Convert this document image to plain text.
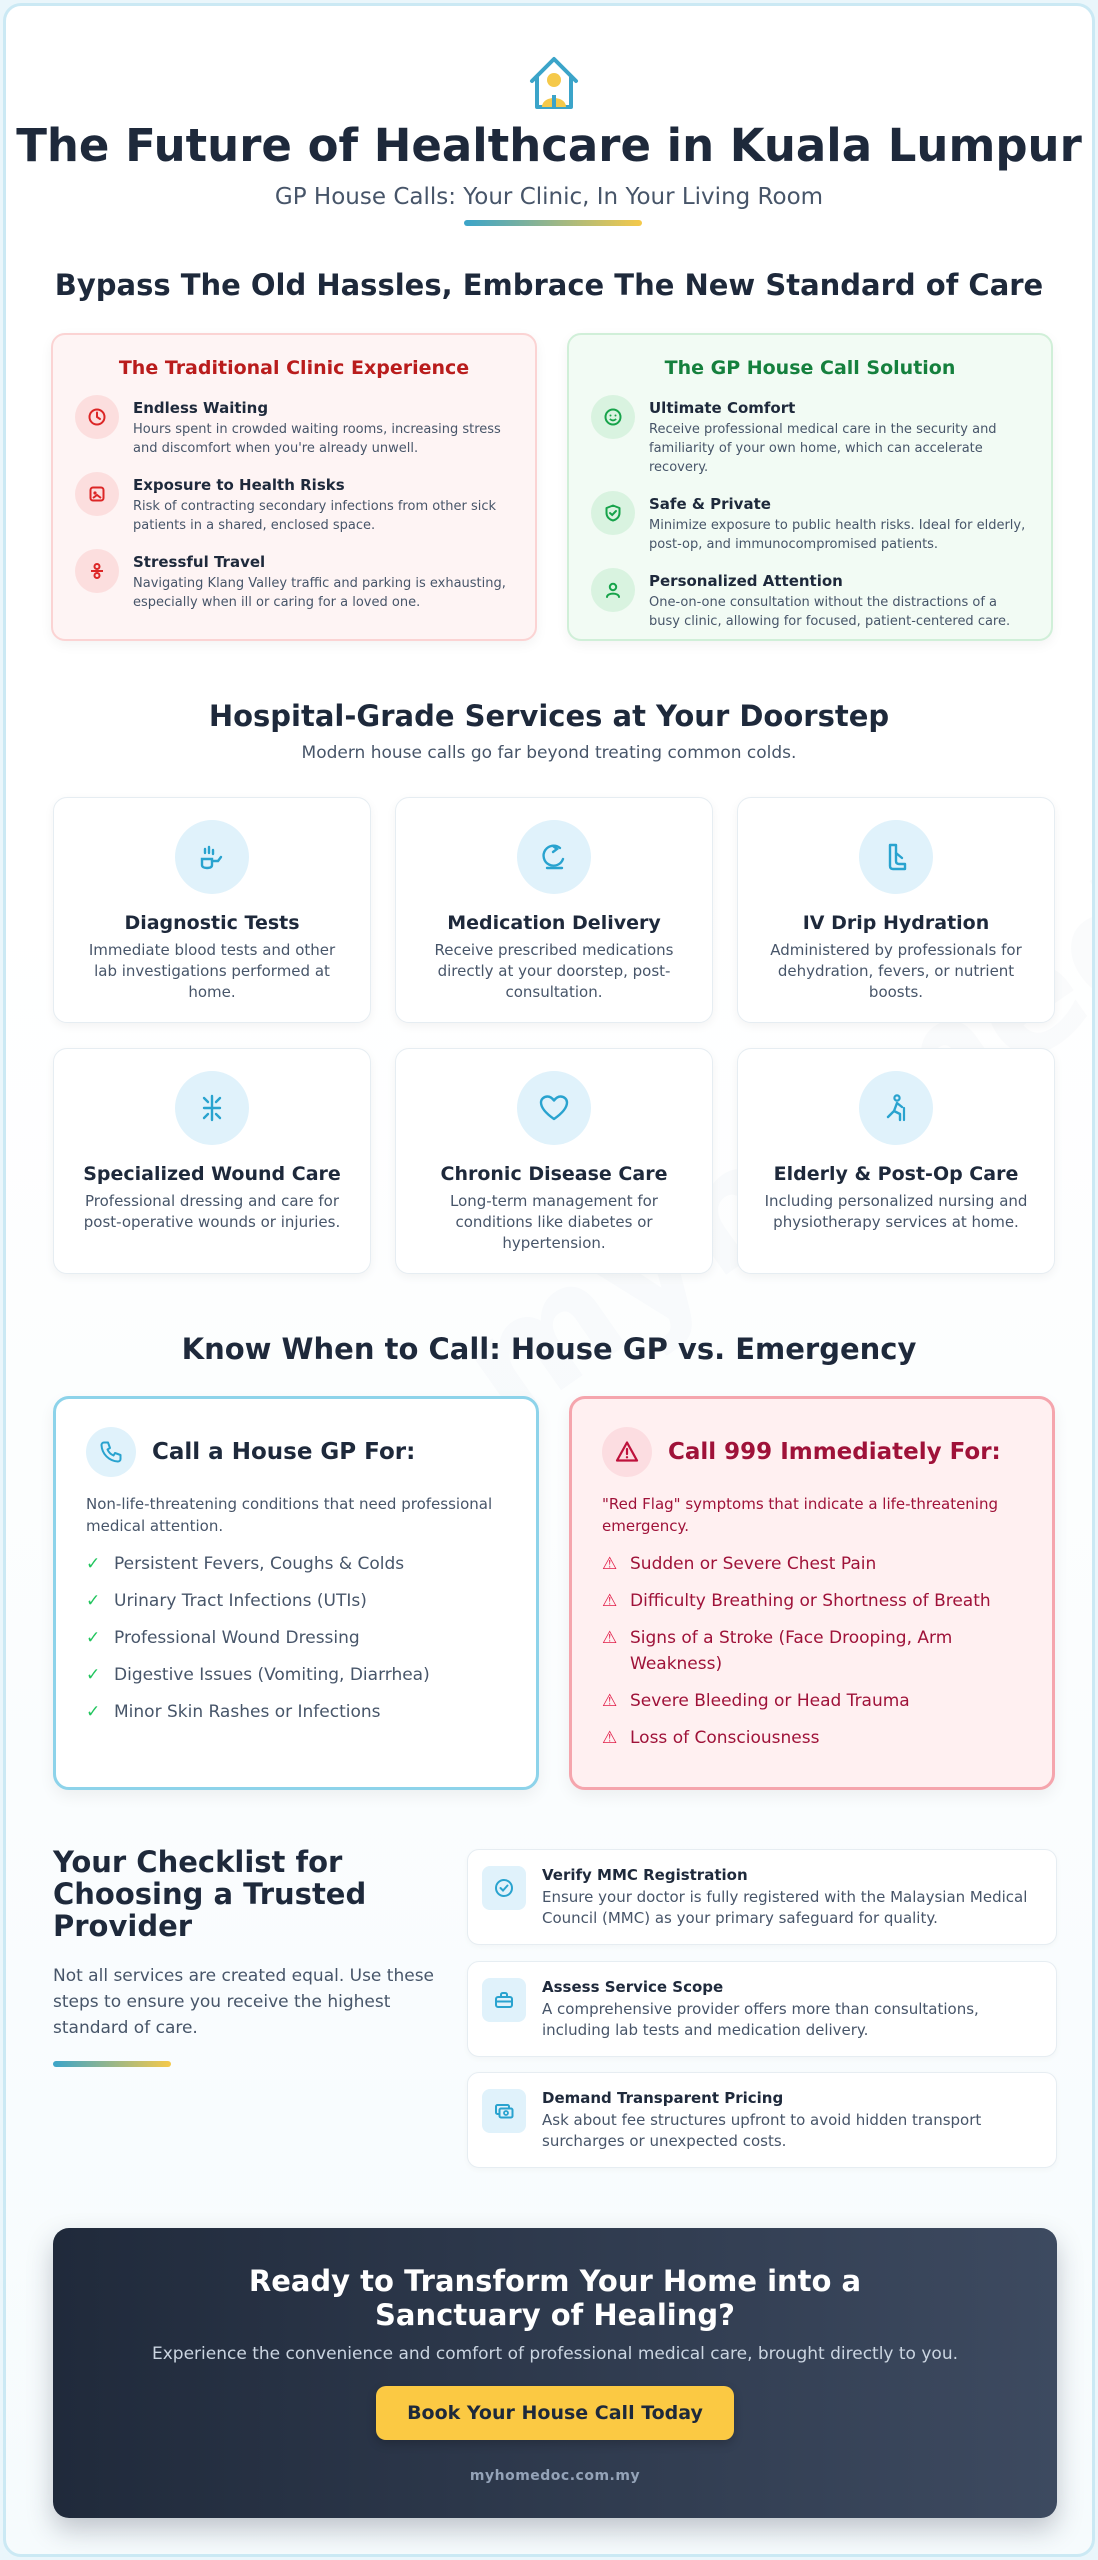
The Future of Healthcare in Kuala Lumpur
GP House Calls: Your Clinic, In Your Living Room
Bypass The Old Hassles, Embrace The New Standard of Care
The Traditional Clinic Experience
Endless Waiting
Hours spent in crowded waiting rooms, increasing stress and discomfort when you're already unwell.
Exposure to Health Risks
Risk of contracting secondary infections from other sick patients in a shared, enclosed space.
Stressful Travel
Navigating Klang Valley traffic and parking is exhausting, especially when ill or caring for a loved one.
The GP House Call Solution
Ultimate Comfort
Receive professional medical care in the security and familiarity of your own home, which can accelerate recovery.
Safe & Private
Minimize exposure to public health risks. Ideal for elderly, post-op, and immunocompromised patients.
Personalized Attention
One-on-one consultation without the distractions of a busy clinic, allowing for focused, patient-centered care.
Hospital-Grade Services at Your Doorstep
Modern house calls go far beyond treating common colds.
Diagnostic Tests
Immediate blood tests and other lab investigations performed at home.
Medication Delivery
Receive prescribed medications directly at your doorstep, post-consultation.
IV Drip Hydration
Administered by professionals for dehydration, fevers, or nutrient boosts.
Specialized Wound Care
Professional dressing and care for post-operative wounds or injuries.
Chronic Disease Care
Long-term management for conditions like diabetes or hypertension.
Elderly & Post-Op Care
Including personalized nursing and physiotherapy services at home.
Know When to Call: House GP vs. Emergency
Call a House GP For:
Non-life-threatening conditions that need professional medical attention.
✓ Persistent Fevers, Coughs & Colds
✓ Urinary Tract Infections (UTIs)
✓ Professional Wound Dressing
✓ Digestive Issues (Vomiting, Diarrhea)
✓ Minor Skin Rashes or Infections
Call 999 Immediately For:
"Red Flag" symptoms that indicate a life-threatening emergency.
⚠ Sudden or Severe Chest Pain
⚠ Difficulty Breathing or Shortness of Breath
⚠ Signs of a Stroke (Face Drooping, Arm Weakness)
⚠ Severe Bleeding or Head Trauma
⚠ Loss of Consciousness
Your Checklist for Choosing a Trusted Provider
Not all services are created equal. Use these steps to ensure you receive the highest standard of care.
Verify MMC Registration
Ensure your doctor is fully registered with the Malaysian Medical Council (MMC) as your primary safeguard for quality.
Assess Service Scope
A comprehensive provider offers more than consultations, including lab tests and medication delivery.
Demand Transparent Pricing
Ask about fee structures upfront to avoid hidden transport surcharges or unexpected costs.
Ready to Transform Your Home into a Sanctuary of Healing?
Experience the convenience and comfort of professional medical care, brought directly to you.
Book Your House Call Today
myhomedoc.com.my
